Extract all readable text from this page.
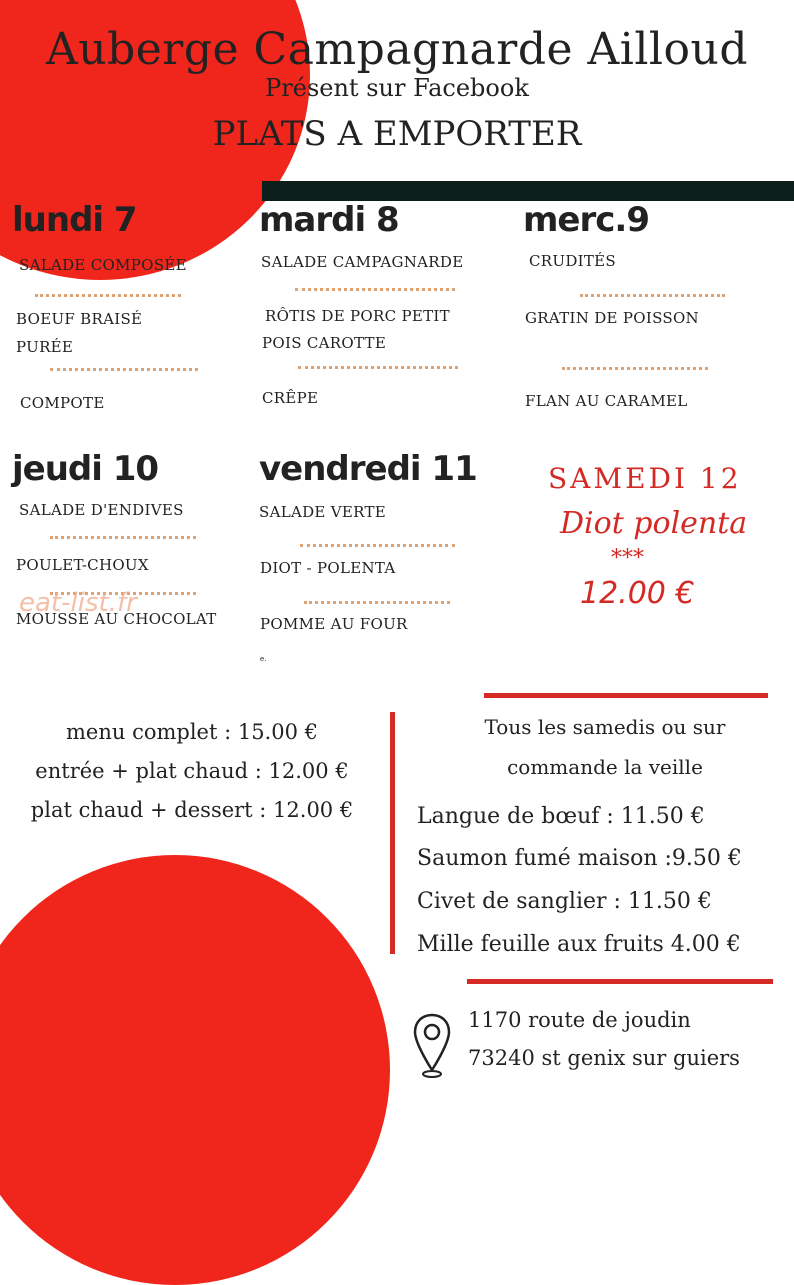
Auberge Campagnarde Ailloud
Présent sur Facebook
PLATS A EMPORTER
lundi 7
SALADE COMPOSÉE
BOEUF BRAISÉ
PURÉE
COMPOTE
mardi 8
SALADE CAMPAGNARDE
RÔTIS DE PORC PETIT
POIS CAROTTE
CRÊPE
merc.9
CRUDITÉS
GRATIN DE POISSON
FLAN AU CARAMEL
jeudi 10
SALADE D'ENDIVES
POULET-CHOUX
MOUSSE AU CHOCOLAT
eat-list.fr
vendredi 11
SALADE VERTE
DIOT - POLENTA
POMME AU FOUR
e.
SAMEDI 12
Diot polenta
***
12.00 €
menu complet : 15.00 €
entrée + plat chaud : 12.00 €
plat chaud + dessert : 12.00 €
Tous les samedis ou sur
commande la veille
Langue de bœuf : 11.50 €
Saumon fumé maison :9.50 €
Civet de sanglier : 11.50 €
Mille feuille aux fruits 4.00 €
1170 route de joudin
73240 st genix sur guiers
